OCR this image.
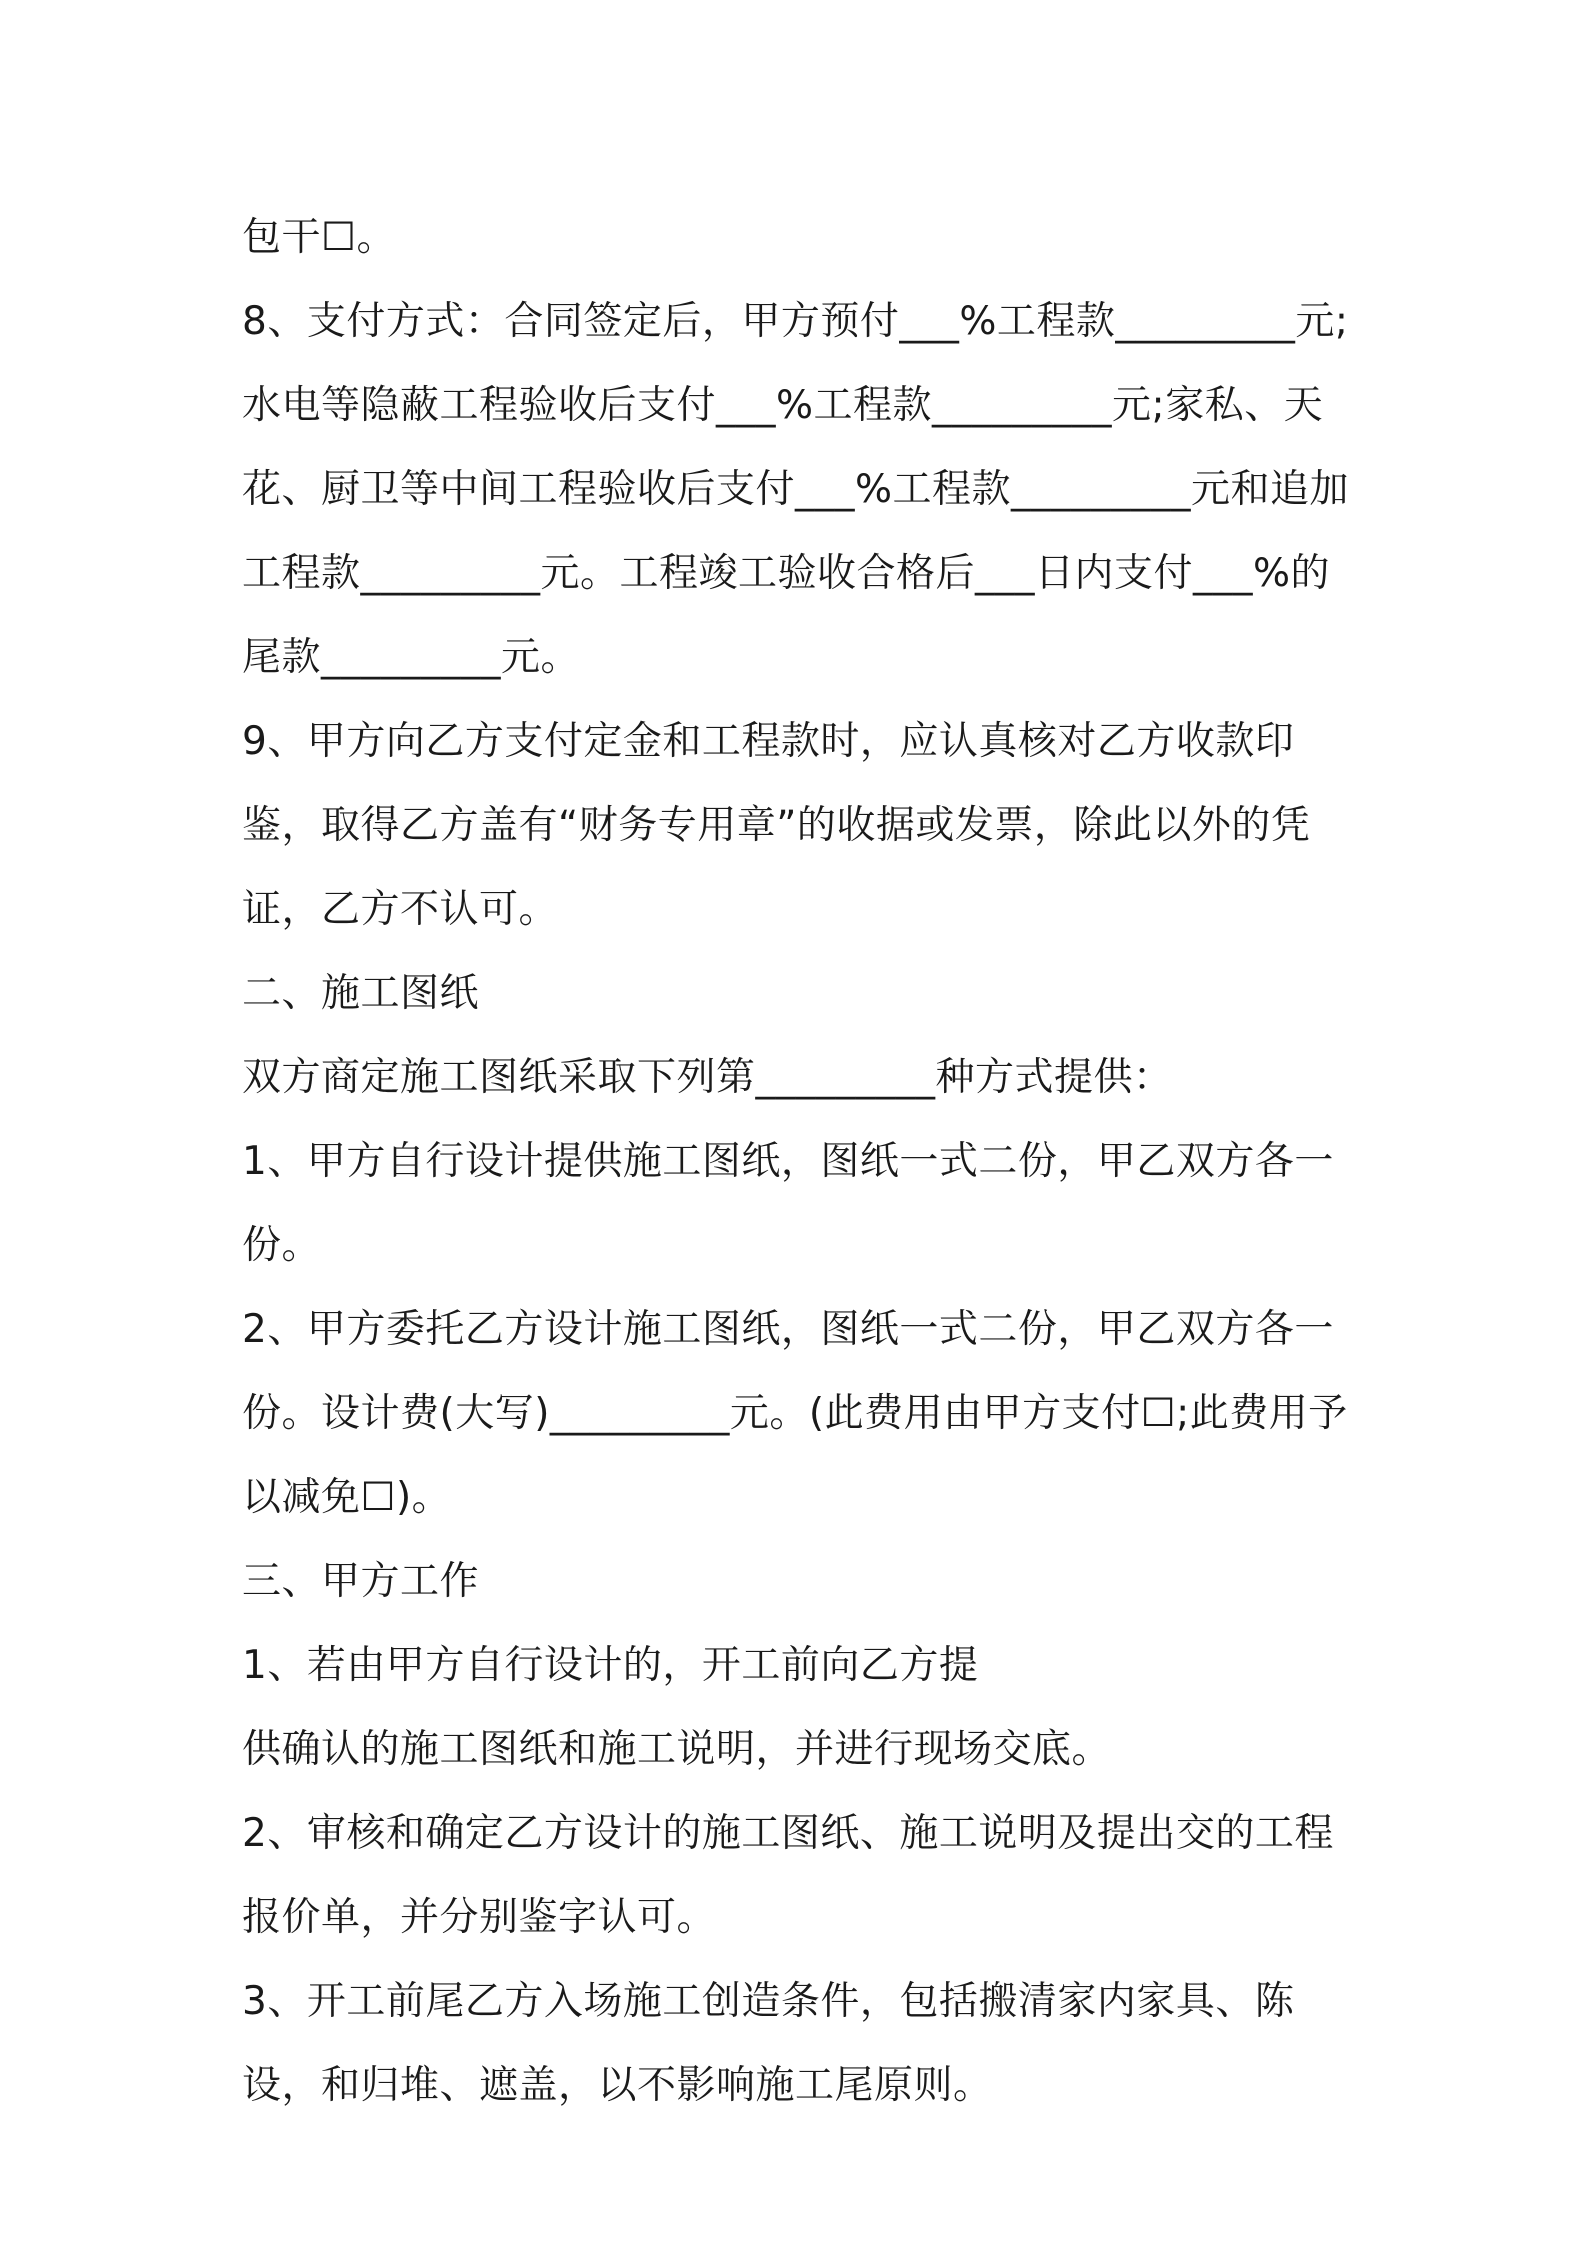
包干☐。

8、支付方式：合同签定后，甲方预付___%工程款_________元;水电等隐蔽工程验收后支付___%工程款_________元;家私、天花、厨卫等中间工程验收后支付___%工程款_________元和追加工程款_________元。工程竣工验收合格后___日内支付___%的尾款_________元。

9、甲方向乙方支付定金和工程款时，应认真核对乙方收款印鉴，取得乙方盖有“财务专用章”的收据或发票，除此以外的凭证，乙方不认可。

二、施工图纸

双方商定施工图纸采取下列第_________种方式提供：

1、甲方自行设计提供施工图纸，图纸一式二份，甲乙双方各一份。

2、甲方委托乙方设计施工图纸，图纸一式二份，甲乙双方各一份。设计费(大写)_________元。(此费用由甲方支付☐;此费用予以减免☐)。

三、甲方工作

1、若由甲方自行设计的，开工前向乙方提

供确认的施工图纸和施工说明，并进行现场交底。

2、审核和确定乙方设计的施工图纸、施工说明及提出交的工程报价单，并分别鉴字认可。

3、开工前尾乙方入场施工创造条件，包括搬清家内家具、陈设，和归堆、遮盖，以不影响施工尾原则。
